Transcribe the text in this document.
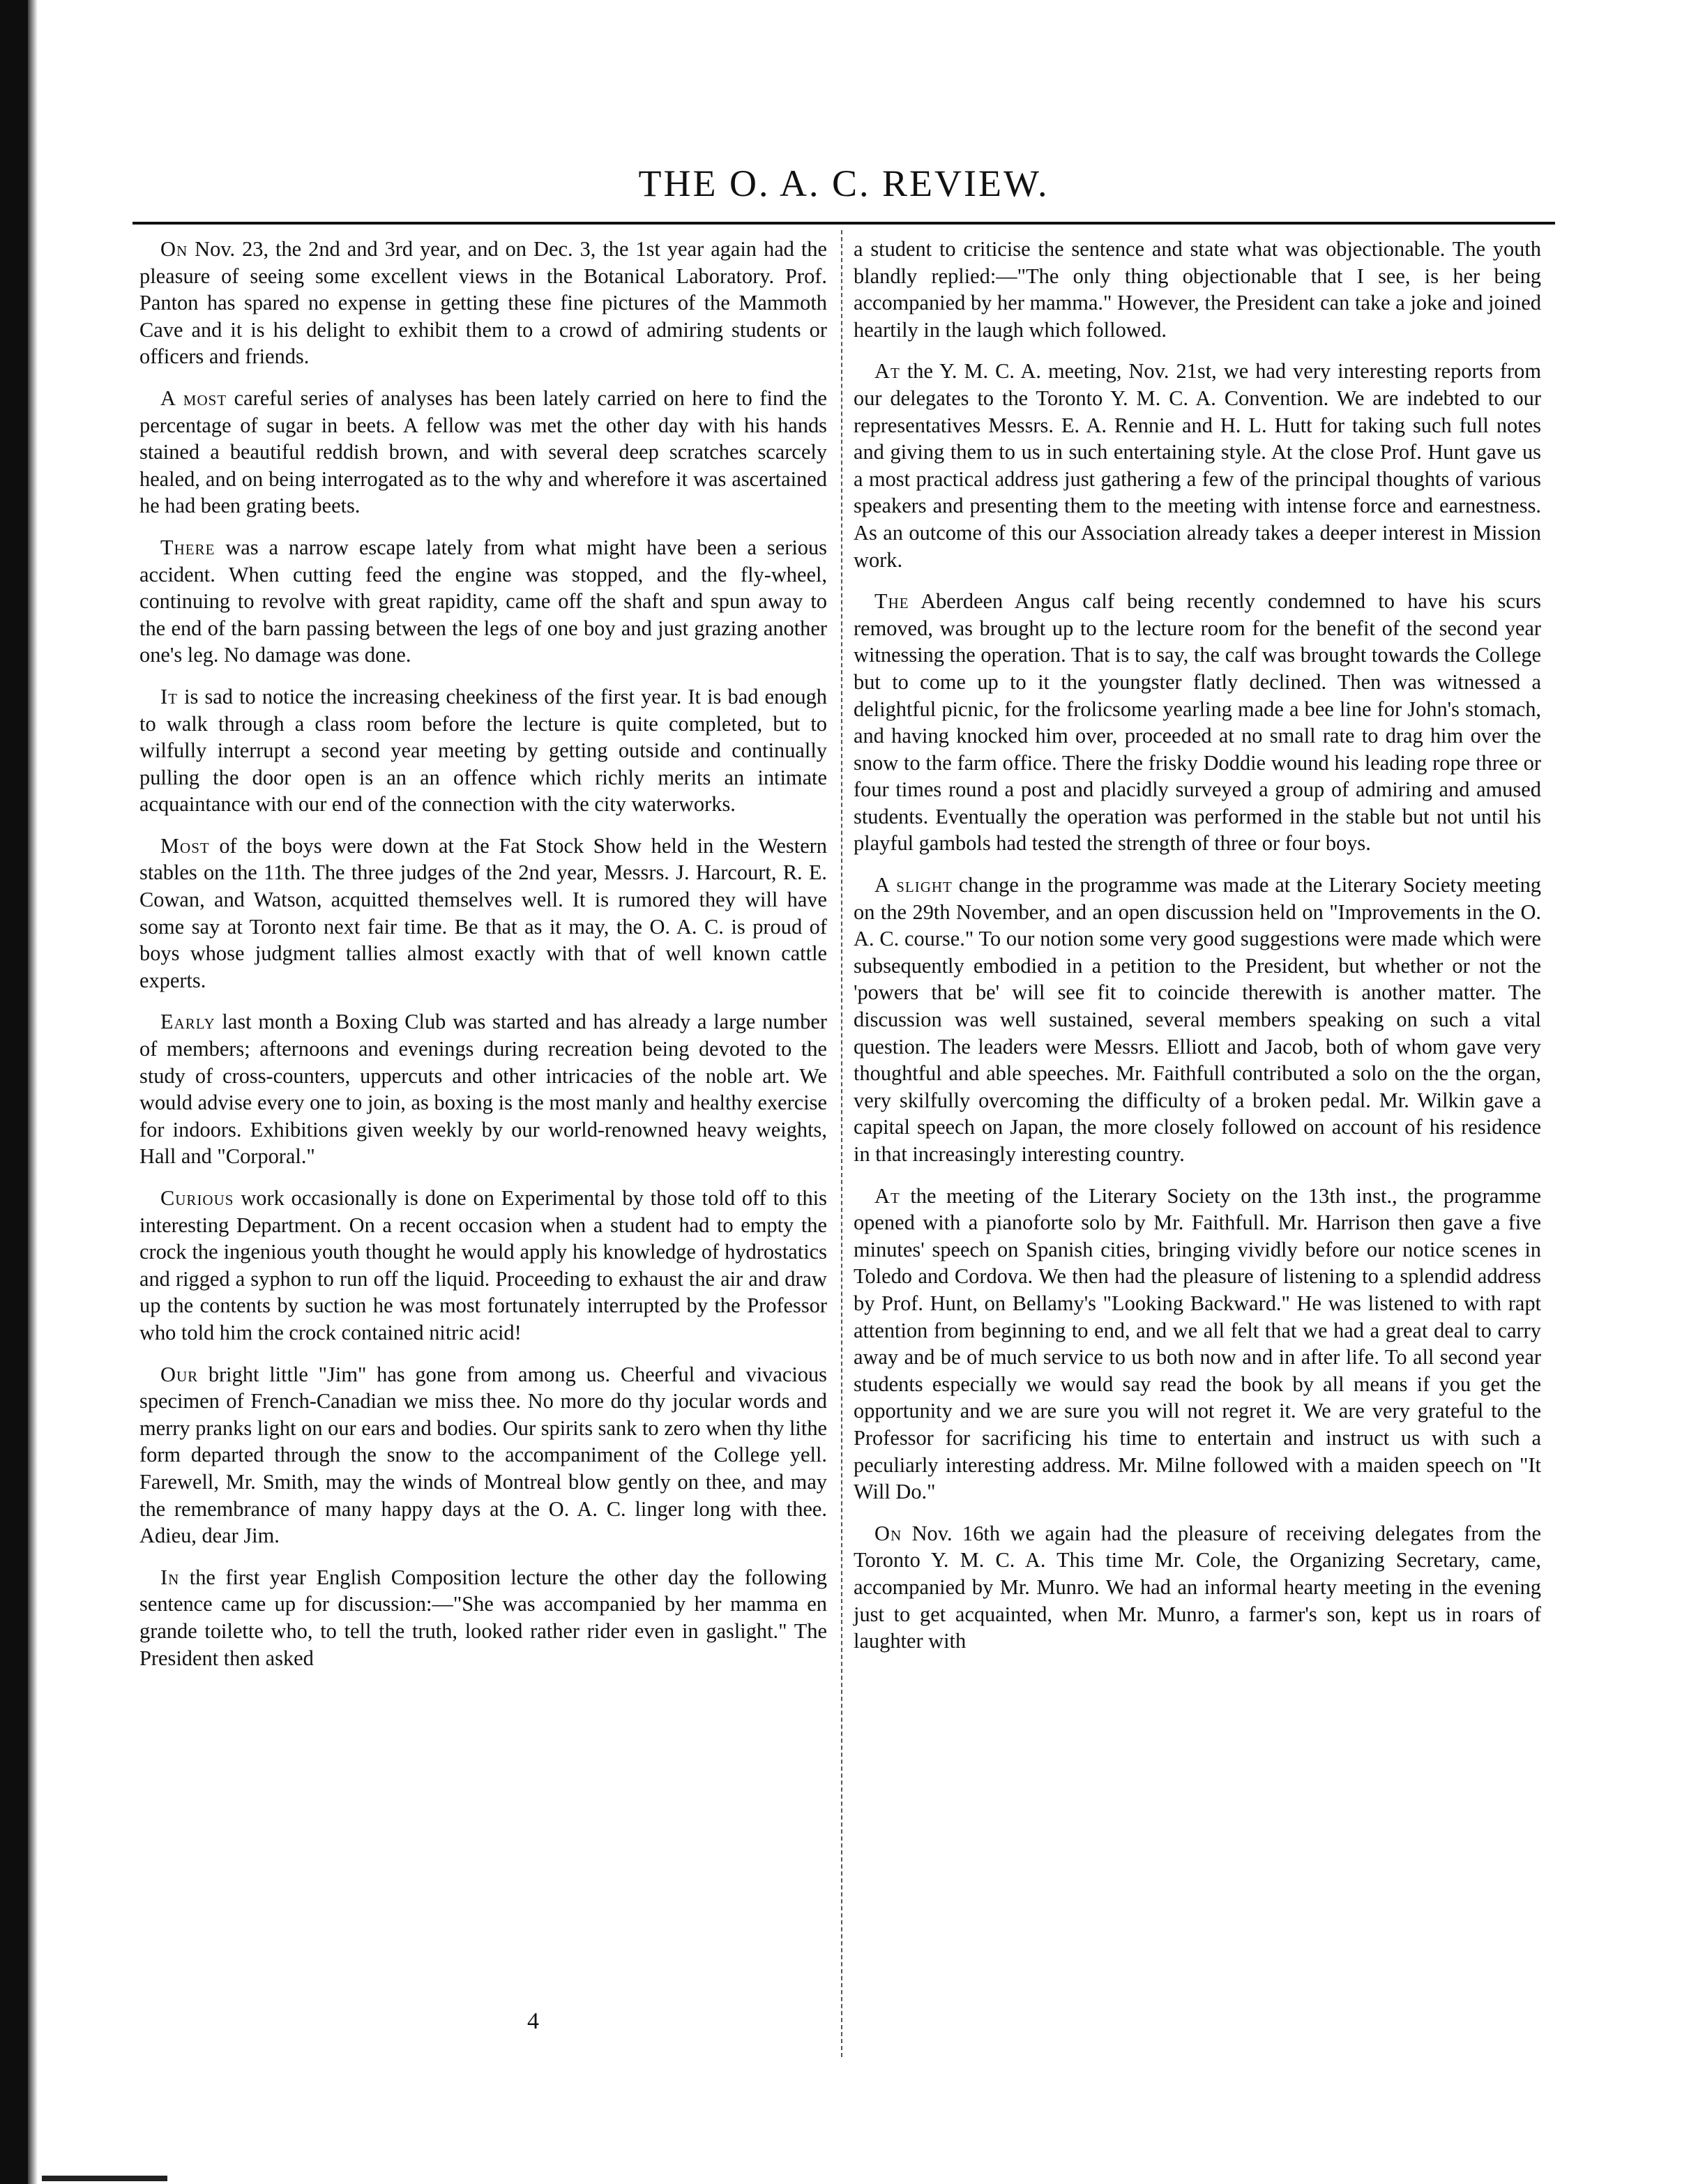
THE O. A. C. REVIEW.

On Nov. 23, the 2nd and 3rd year, and on Dec. 3, the 1st year again had the pleasure of seeing some excellent views in the Botanical Laboratory. Prof. Panton has spared no expense in getting these fine pictures of the Mammoth Cave and it is his delight to exhibit them to a crowd of admiring students or officers and friends.

A most careful series of analyses has been lately carried on here to find the percentage of sugar in beets. A fellow was met the other day with his hands stained a beautiful reddish brown, and with several deep scratches scarcely healed, and on being interrogated as to the why and wherefore it was ascertained he had been grating beets.

There was a narrow escape lately from what might have been a serious accident. When cutting feed the engine was stopped, and the fly-wheel, continuing to revolve with great rapidity, came off the shaft and spun away to the end of the barn passing between the legs of one boy and just grazing another one's leg. No damage was done.

It is sad to notice the increasing cheekiness of the first year. It is bad enough to walk through a class room before the lecture is quite completed, but to wilfully interrupt a second year meeting by getting outside and continually pulling the door open is an an offence which richly merits an intimate acquaintance with our end of the connection with the city waterworks.

Most of the boys were down at the Fat Stock Show held in the Western stables on the 11th. The three judges of the 2nd year, Messrs. J. Harcourt, R. E. Cowan, and Watson, acquitted themselves well. It is rumored they will have some say at Toronto next fair time. Be that as it may, the O. A. C. is proud of boys whose judgment tallies almost exactly with that of well known cattle experts.

Early last month a Boxing Club was started and has already a large number of members; afternoons and evenings during recreation being devoted to the study of cross-counters, uppercuts and other intricacies of the noble art. We would advise every one to join, as boxing is the most manly and healthy exercise for indoors. Exhibitions given weekly by our world-renowned heavy weights, Hall and "Corporal."

Curious work occasionally is done on Experimental by those told off to this interesting Department. On a recent occasion when a student had to empty the crock the ingenious youth thought he would apply his knowledge of hydrostatics and rigged a syphon to run off the liquid. Proceeding to exhaust the air and draw up the contents by suction he was most fortunately interrupted by the Professor who told him the crock contained nitric acid!

Our bright little "Jim" has gone from among us. Cheerful and vivacious specimen of French-Canadian we miss thee. No more do thy jocular words and merry pranks light on our ears and bodies. Our spirits sank to zero when thy lithe form departed through the snow to the accompaniment of the College yell. Farewell, Mr. Smith, may the winds of Montreal blow gently on thee, and may the remembrance of many happy days at the O. A. C. linger long with thee. Adieu, dear Jim.

In the first year English Composition lecture the other day the following sentence came up for discussion:—"She was accompanied by her mamma en grande toilette who, to tell the truth, looked rather rider even in gaslight." The President then asked

a student to criticise the sentence and state what was objectionable. The youth blandly replied:—"The only thing objectionable that I see, is her being accompanied by her mamma." However, the President can take a joke and joined heartily in the laugh which followed.

At the Y. M. C. A. meeting, Nov. 21st, we had very interesting reports from our delegates to the Toronto Y. M. C. A. Convention. We are indebted to our representatives Messrs. E. A. Rennie and H. L. Hutt for taking such full notes and giving them to us in such entertaining style. At the close Prof. Hunt gave us a most practical address just gathering a few of the principal thoughts of various speakers and presenting them to the meeting with intense force and earnestness. As an outcome of this our Association already takes a deeper interest in Mission work.

The Aberdeen Angus calf being recently condemned to have his scurs removed, was brought up to the lecture room for the benefit of the second year witnessing the operation. That is to say, the calf was brought towards the College but to come up to it the youngster flatly declined. Then was witnessed a delightful picnic, for the frolicsome yearling made a bee line for John's stomach, and having knocked him over, proceeded at no small rate to drag him over the snow to the farm office. There the frisky Doddie wound his leading rope three or four times round a post and placidly surveyed a group of admiring and amused students. Eventually the operation was performed in the stable but not until his playful gambols had tested the strength of three or four boys.

A slight change in the programme was made at the Literary Society meeting on the 29th November, and an open discussion held on "Improvements in the O. A. C. course." To our notion some very good suggestions were made which were subsequently embodied in a petition to the President, but whether or not the 'powers that be' will see fit to coincide therewith is another matter. The discussion was well sustained, several members speaking on such a vital question. The leaders were Messrs. Elliott and Jacob, both of whom gave very thoughtful and able speeches. Mr. Faithfull contributed a solo on the the organ, very skilfully overcoming the difficulty of a broken pedal. Mr. Wilkin gave a capital speech on Japan, the more closely followed on account of his residence in that increasingly interesting country.

At the meeting of the Literary Society on the 13th inst., the programme opened with a pianoforte solo by Mr. Faithfull. Mr. Harrison then gave a five minutes' speech on Spanish cities, bringing vividly before our notice scenes in Toledo and Cordova. We then had the pleasure of listening to a splendid address by Prof. Hunt, on Bellamy's "Looking Backward." He was listened to with rapt attention from beginning to end, and we all felt that we had a great deal to carry away and be of much service to us both now and in after life. To all second year students especially we would say read the book by all means if you get the opportunity and we are sure you will not regret it. We are very grateful to the Professor for sacrificing his time to entertain and instruct us with such a peculiarly interesting address. Mr. Milne followed with a maiden speech on "It Will Do."

On Nov. 16th we again had the pleasure of receiving delegates from the Toronto Y. M. C. A. This time Mr. Cole, the Organizing Secretary, came, accompanied by Mr. Munro. We had an informal hearty meeting in the evening just to get acquainted, when Mr. Munro, a farmer's son, kept us in roars of laughter with

4
